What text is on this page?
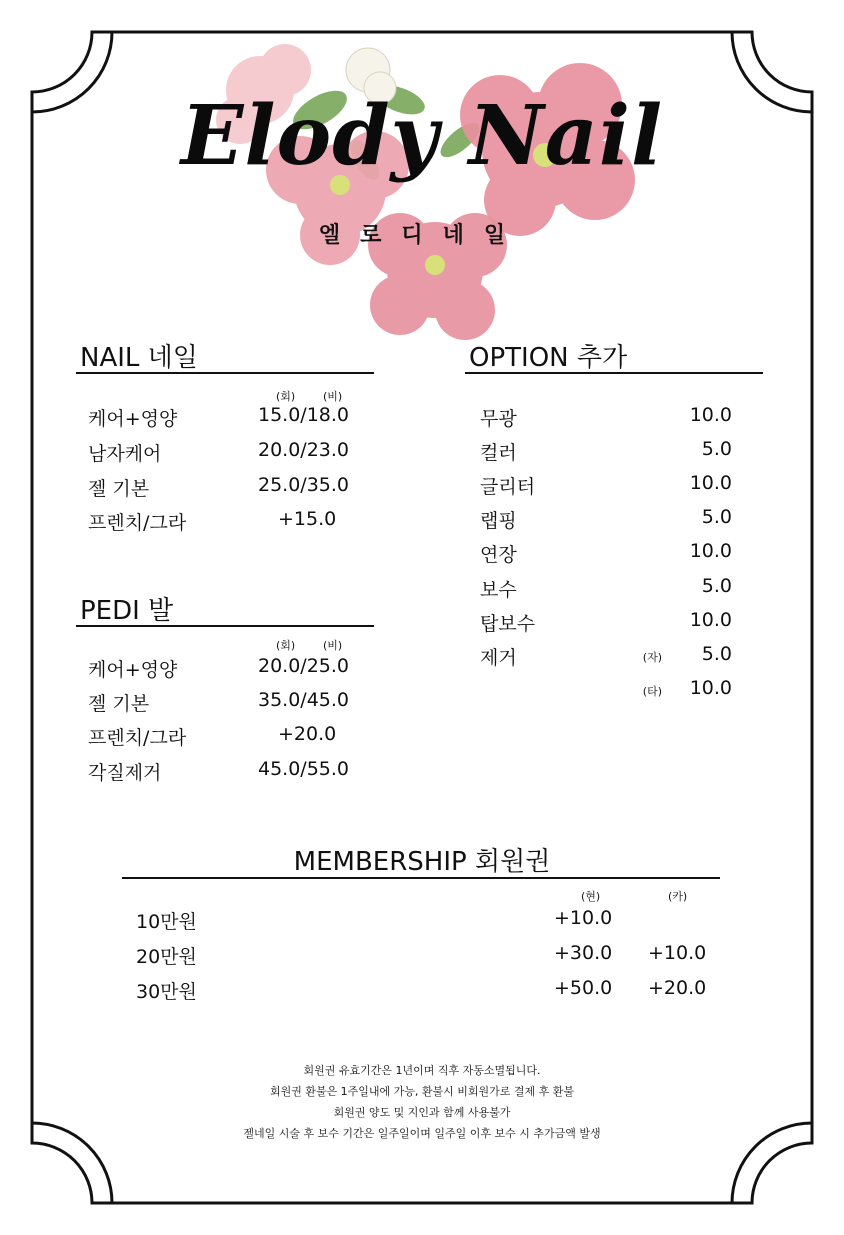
Elody Nail
엘로디네일
NAIL 네일
(회)	(비)
케어+영양	15.0/18.0
남자케어	20.0/23.0
젤 기본	25.0/35.0
프렌치/그라	+15.0
PEDI 발
(회)	(비)
케어+영양	20.0/25.0
젤 기본	35.0/45.0
프렌치/그라	+20.0
각질제거	45.0/55.0
OPTION 추가
무광	10.0
컬러	5.0
글리터	10.0
랩핑	5.0
연장	10.0
보수	5.0
탑보수	10.0
제거	(자) 5.0
(타) 10.0
MEMBERSHIP 회원권
(현)	(카)
10만원	+10.0
20만원	+30.0 +10.0
30만원	+50.0 +20.0
회원권 유효기간은 1년이며 직후 자동소멸됩니다.
회원권 환불은 1주일내에 가능, 환불시 비회원가로 결제 후 환불
회원권 양도 및 지인과 함께 사용불가
젤네일 시술 후 보수 기간은 일주일이며 일주일 이후 보수 시 추가금액 발생
